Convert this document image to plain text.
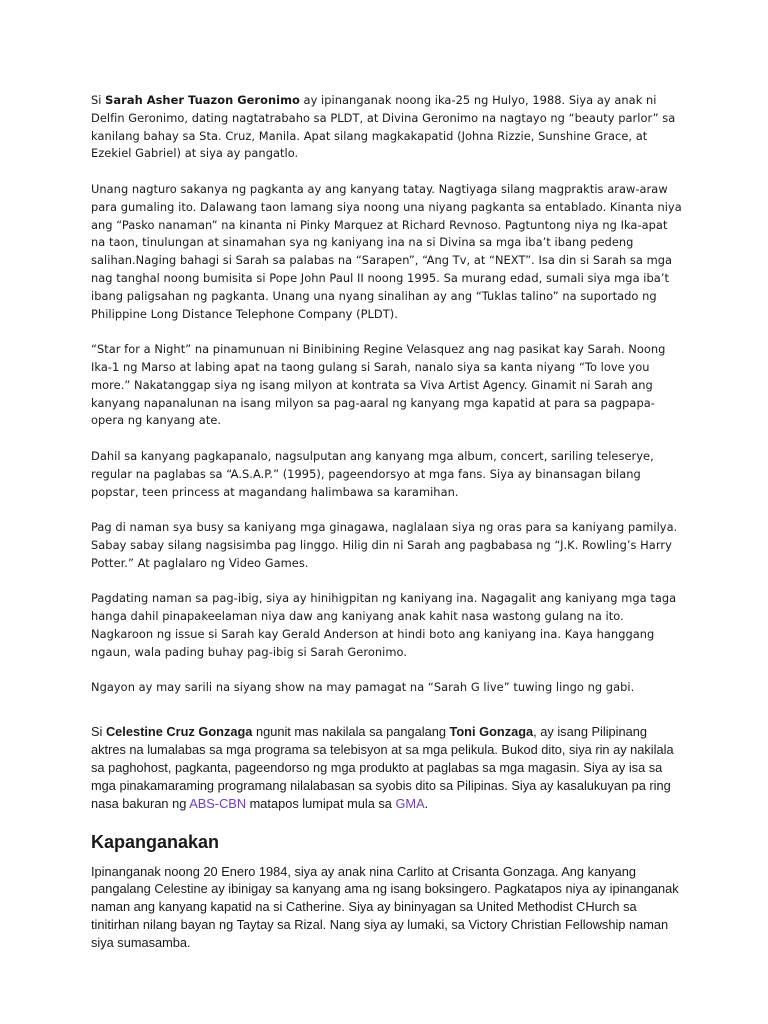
Si Sarah Asher Tuazon Geronimo ay ipinanganak noong ika-25 ng Hulyo, 1988. Siya ay anak ni Delfin Geronimo, dating nagtatrabaho sa PLDT, at Divina Geronimo na nagtayo ng “beauty parlor” sa kanilang bahay sa Sta. Cruz, Manila. Apat silang magkakapatid (Johna Rizzie, Sunshine Grace, at Ezekiel Gabriel) at siya ay pangatlo.

Unang nagturo sakanya ng pagkanta ay ang kanyang tatay. Nagtiyaga silang magpraktis araw-araw para gumaling ito. Dalawang taon lamang siya noong una niyang pagkanta sa entablado. Kinanta niya ang “Pasko nanaman” na kinanta ni Pinky Marquez at Richard Revnoso. Pagtuntong niya ng Ika-apat na taon, tinulungan at sinamahan sya ng kaniyang ina na si Divina sa mga iba’t ibang pedeng salihan.Naging bahagi si Sarah sa palabas na “Sarapen”, “Ang Tv, at “NEXT”. Isa din si Sarah sa mga nag tanghal noong bumisita si Pope John Paul II noong 1995. Sa murang edad, sumali siya mga iba’t ibang paligsahan ng pagkanta. Unang una nyang sinalihan ay ang “Tuklas talino” na suportado ng Philippine Long Distance Telephone Company (PLDT).

“Star for a Night” na pinamunuan ni Binibining Regine Velasquez ang nag pasikat kay Sarah. Noong Ika-1 ng Marso at labing apat na taong gulang si Sarah, nanalo siya sa kanta niyang “To love you more.” Nakatanggap siya ng isang milyon at kontrata sa Viva Artist Agency. Ginamit ni Sarah ang kanyang napanalunan na isang milyon sa pag-aaral ng kanyang mga kapatid at para sa pagpapa-opera ng kanyang ate.

Dahil sa kanyang pagkapanalo, nagsulputan ang kanyang mga album, concert, sariling teleserye, regular na paglabas sa “A.S.A.P.” (1995), pageendorsyo at mga fans. Siya ay binansagan bilang popstar, teen princess at magandang halimbawa sa karamihan.

Pag di naman sya busy sa kaniyang mga ginagawa, naglalaan siya ng oras para sa kaniyang pamilya. Sabay sabay silang nagsisimba pag linggo. Hilig din ni Sarah ang pagbabasa ng “J.K. Rowling’s Harry Potter.” At paglalaro ng Video Games.

Pagdating naman sa pag-ibig, siya ay hinihigpitan ng kaniyang ina. Nagagalit ang kaniyang mga taga hanga dahil pinapakeelaman niya daw ang kaniyang anak kahit nasa wastong gulang na ito. Nagkaroon ng issue si Sarah kay Gerald Anderson at hindi boto ang kaniyang ina. Kaya hanggang ngaun, wala pading buhay pag-ibig si Sarah Geronimo.

Ngayon ay may sarili na siyang show na may pamagat na “Sarah G live” tuwing lingo ng gabi.

Si Celestine Cruz Gonzaga ngunit mas nakilala sa pangalang Toni Gonzaga, ay isang Pilipinang aktres na lumalabas sa mga programa sa telebisyon at sa mga pelikula. Bukod dito, siya rin ay nakilala sa paghohost, pagkanta, pageendorso ng mga produkto at paglabas sa mga magasin. Siya ay isa sa mga pinakamaraming programang nilalabasan sa syobis dito sa Pilipinas. Siya ay kasalukuyan pa ring nasa bakuran ng ABS-CBN matapos lumipat mula sa GMA.

Kapanganakan

Ipinanganak noong 20 Enero 1984, siya ay anak nina Carlito at Crisanta Gonzaga. Ang kanyang pangalang Celestine ay ibinigay sa kanyang ama ng isang boksingero. Pagkatapos niya ay ipinanganak naman ang kanyang kapatid na si Catherine. Siya ay bininyagan sa United Methodist CHurch sa tinitirhan nilang bayan ng Taytay sa Rizal. Nang siya ay lumaki, sa Victory Christian Fellowship naman siya sumasamba.
